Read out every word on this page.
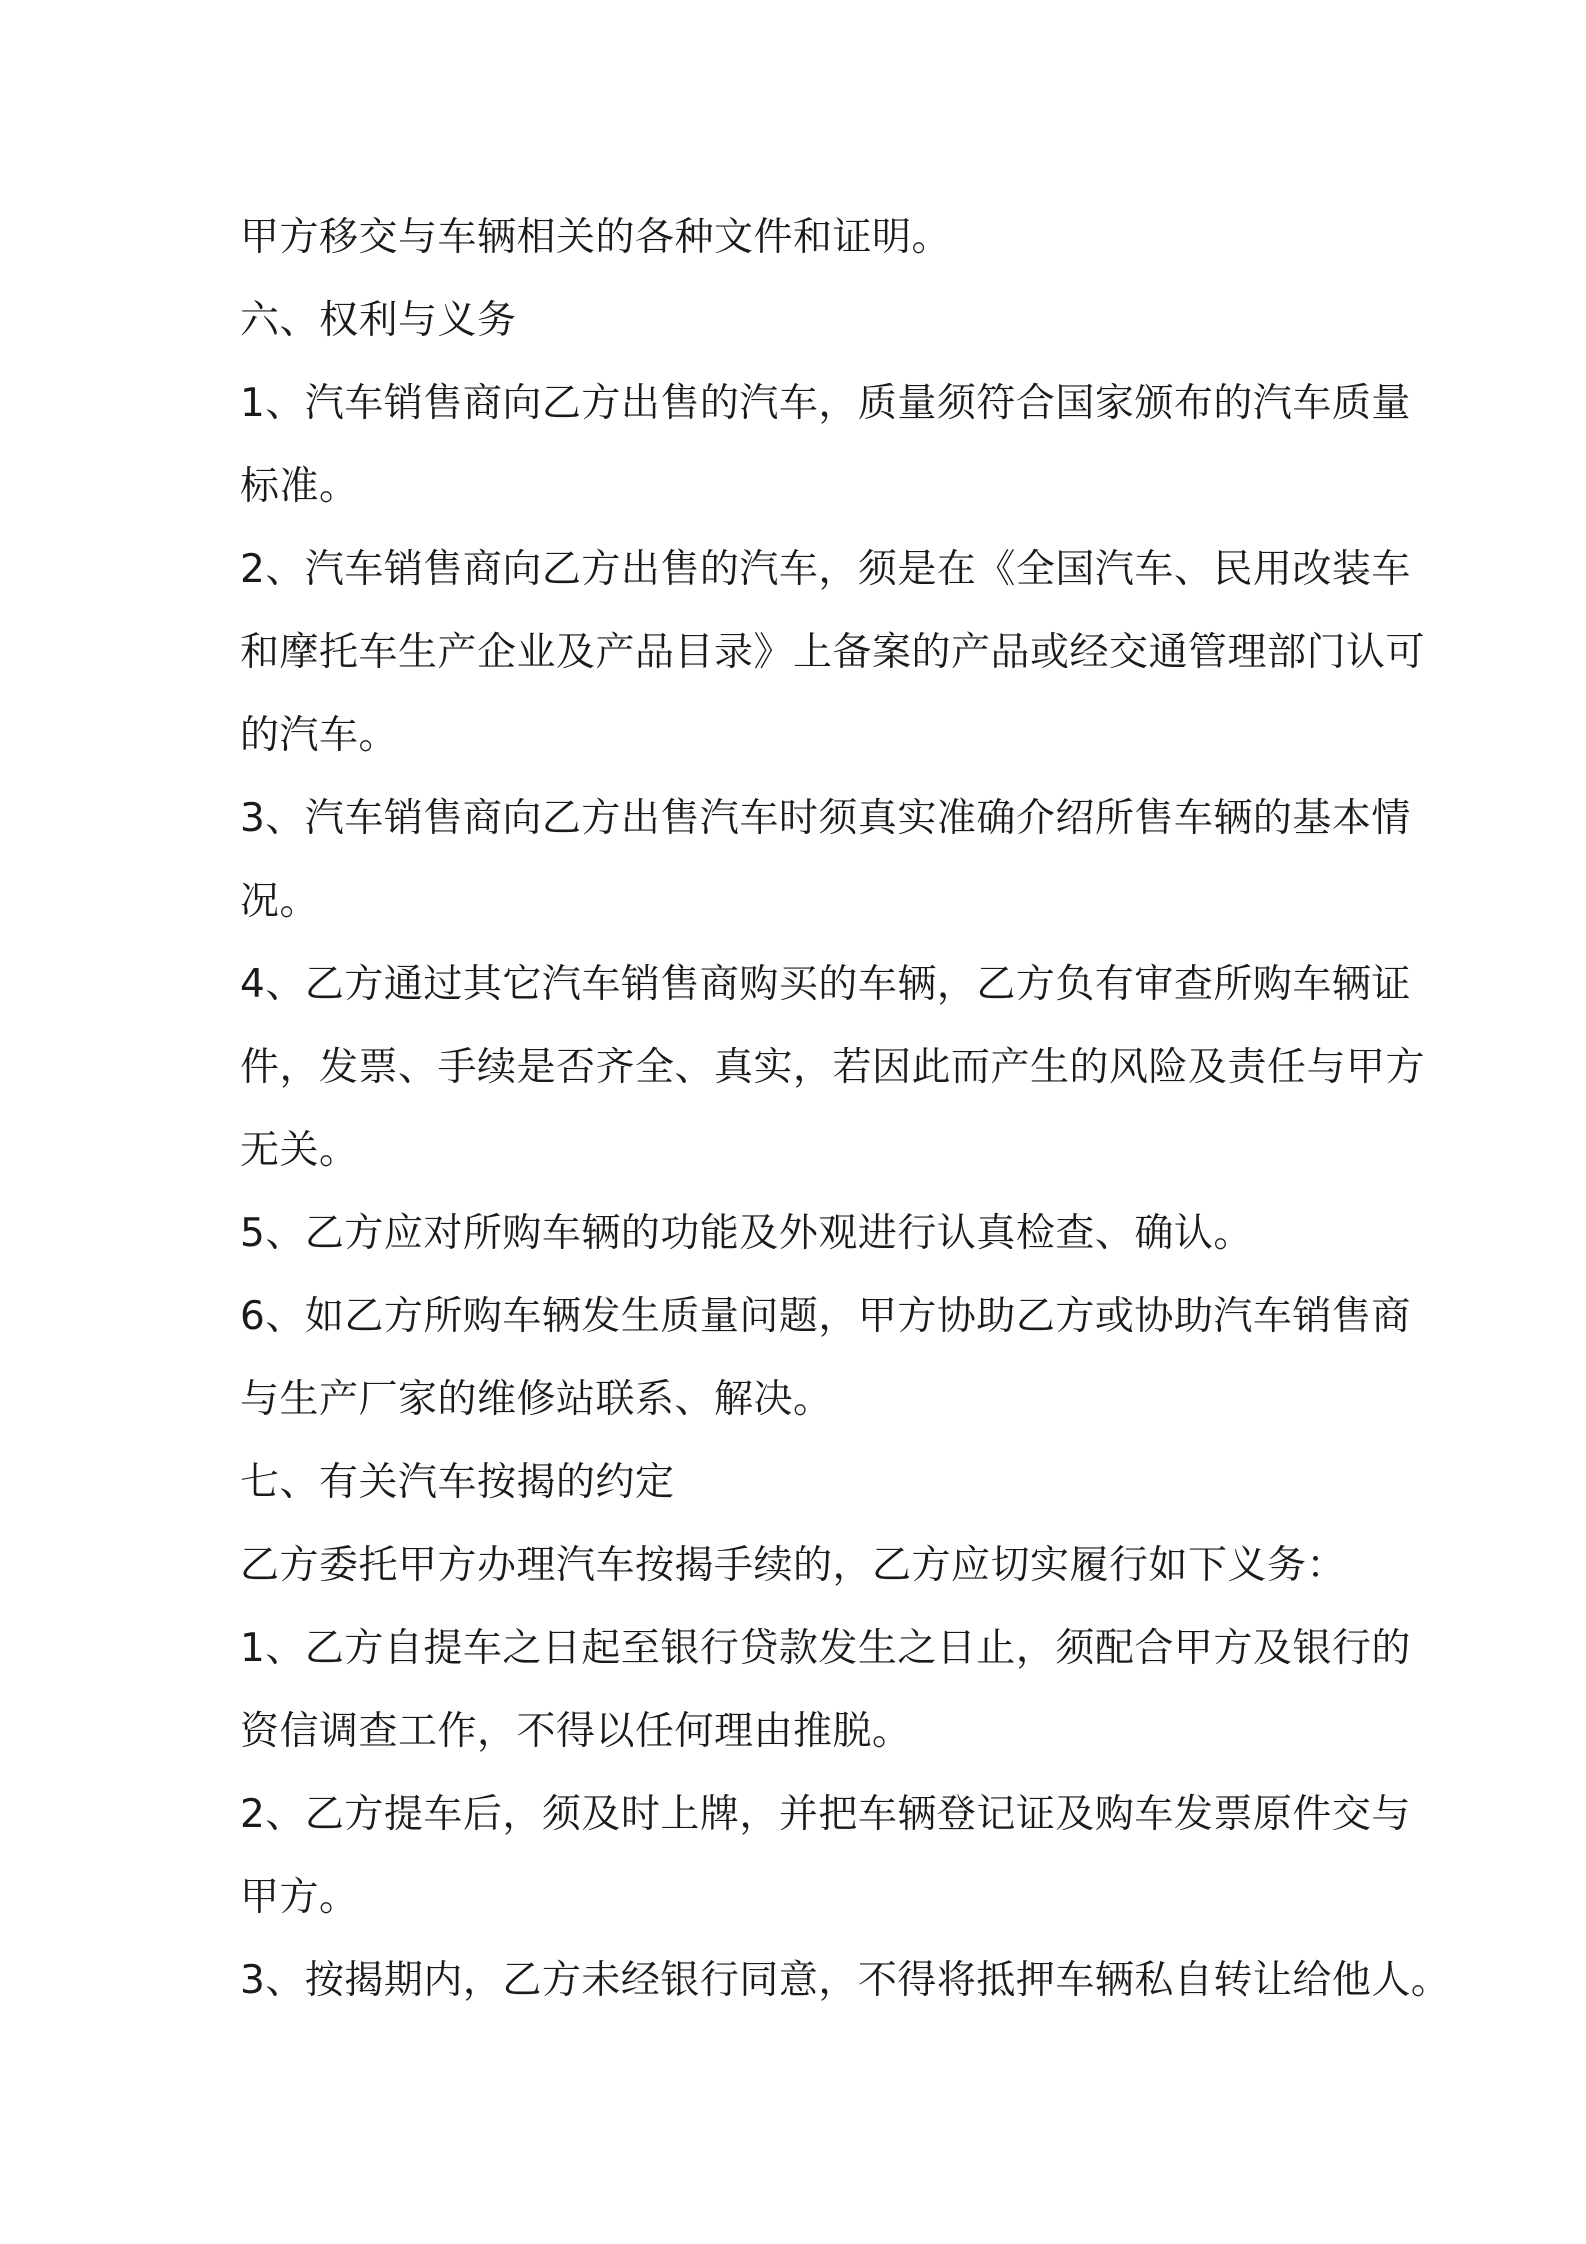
甲方移交与车辆相关的各种文件和证明。
六、权利与义务
1、汽车销售商向乙方出售的汽车，质量须符合国家颁布的汽车质量
标准。
2、汽车销售商向乙方出售的汽车，须是在《全国汽车、民用改装车
和摩托车生产企业及产品目录》上备案的产品或经交通管理部门认可
的汽车。
3、汽车销售商向乙方出售汽车时须真实准确介绍所售车辆的基本情
况。
4、乙方通过其它汽车销售商购买的车辆，乙方负有审查所购车辆证
件，发票、手续是否齐全、真实，若因此而产生的风险及责任与甲方
无关。
5、乙方应对所购车辆的功能及外观进行认真检查、确认。
6、如乙方所购车辆发生质量问题，甲方协助乙方或协助汽车销售商
与生产厂家的维修站联系、解决。
七、有关汽车按揭的约定
乙方委托甲方办理汽车按揭手续的，乙方应切实履行如下义务：
1、乙方自提车之日起至银行贷款发生之日止，须配合甲方及银行的
资信调查工作，不得以任何理由推脱。
2、乙方提车后，须及时上牌，并把车辆登记证及购车发票原件交与
甲方。
3、按揭期内，乙方未经银行同意，不得将抵押车辆私自转让给他人。
